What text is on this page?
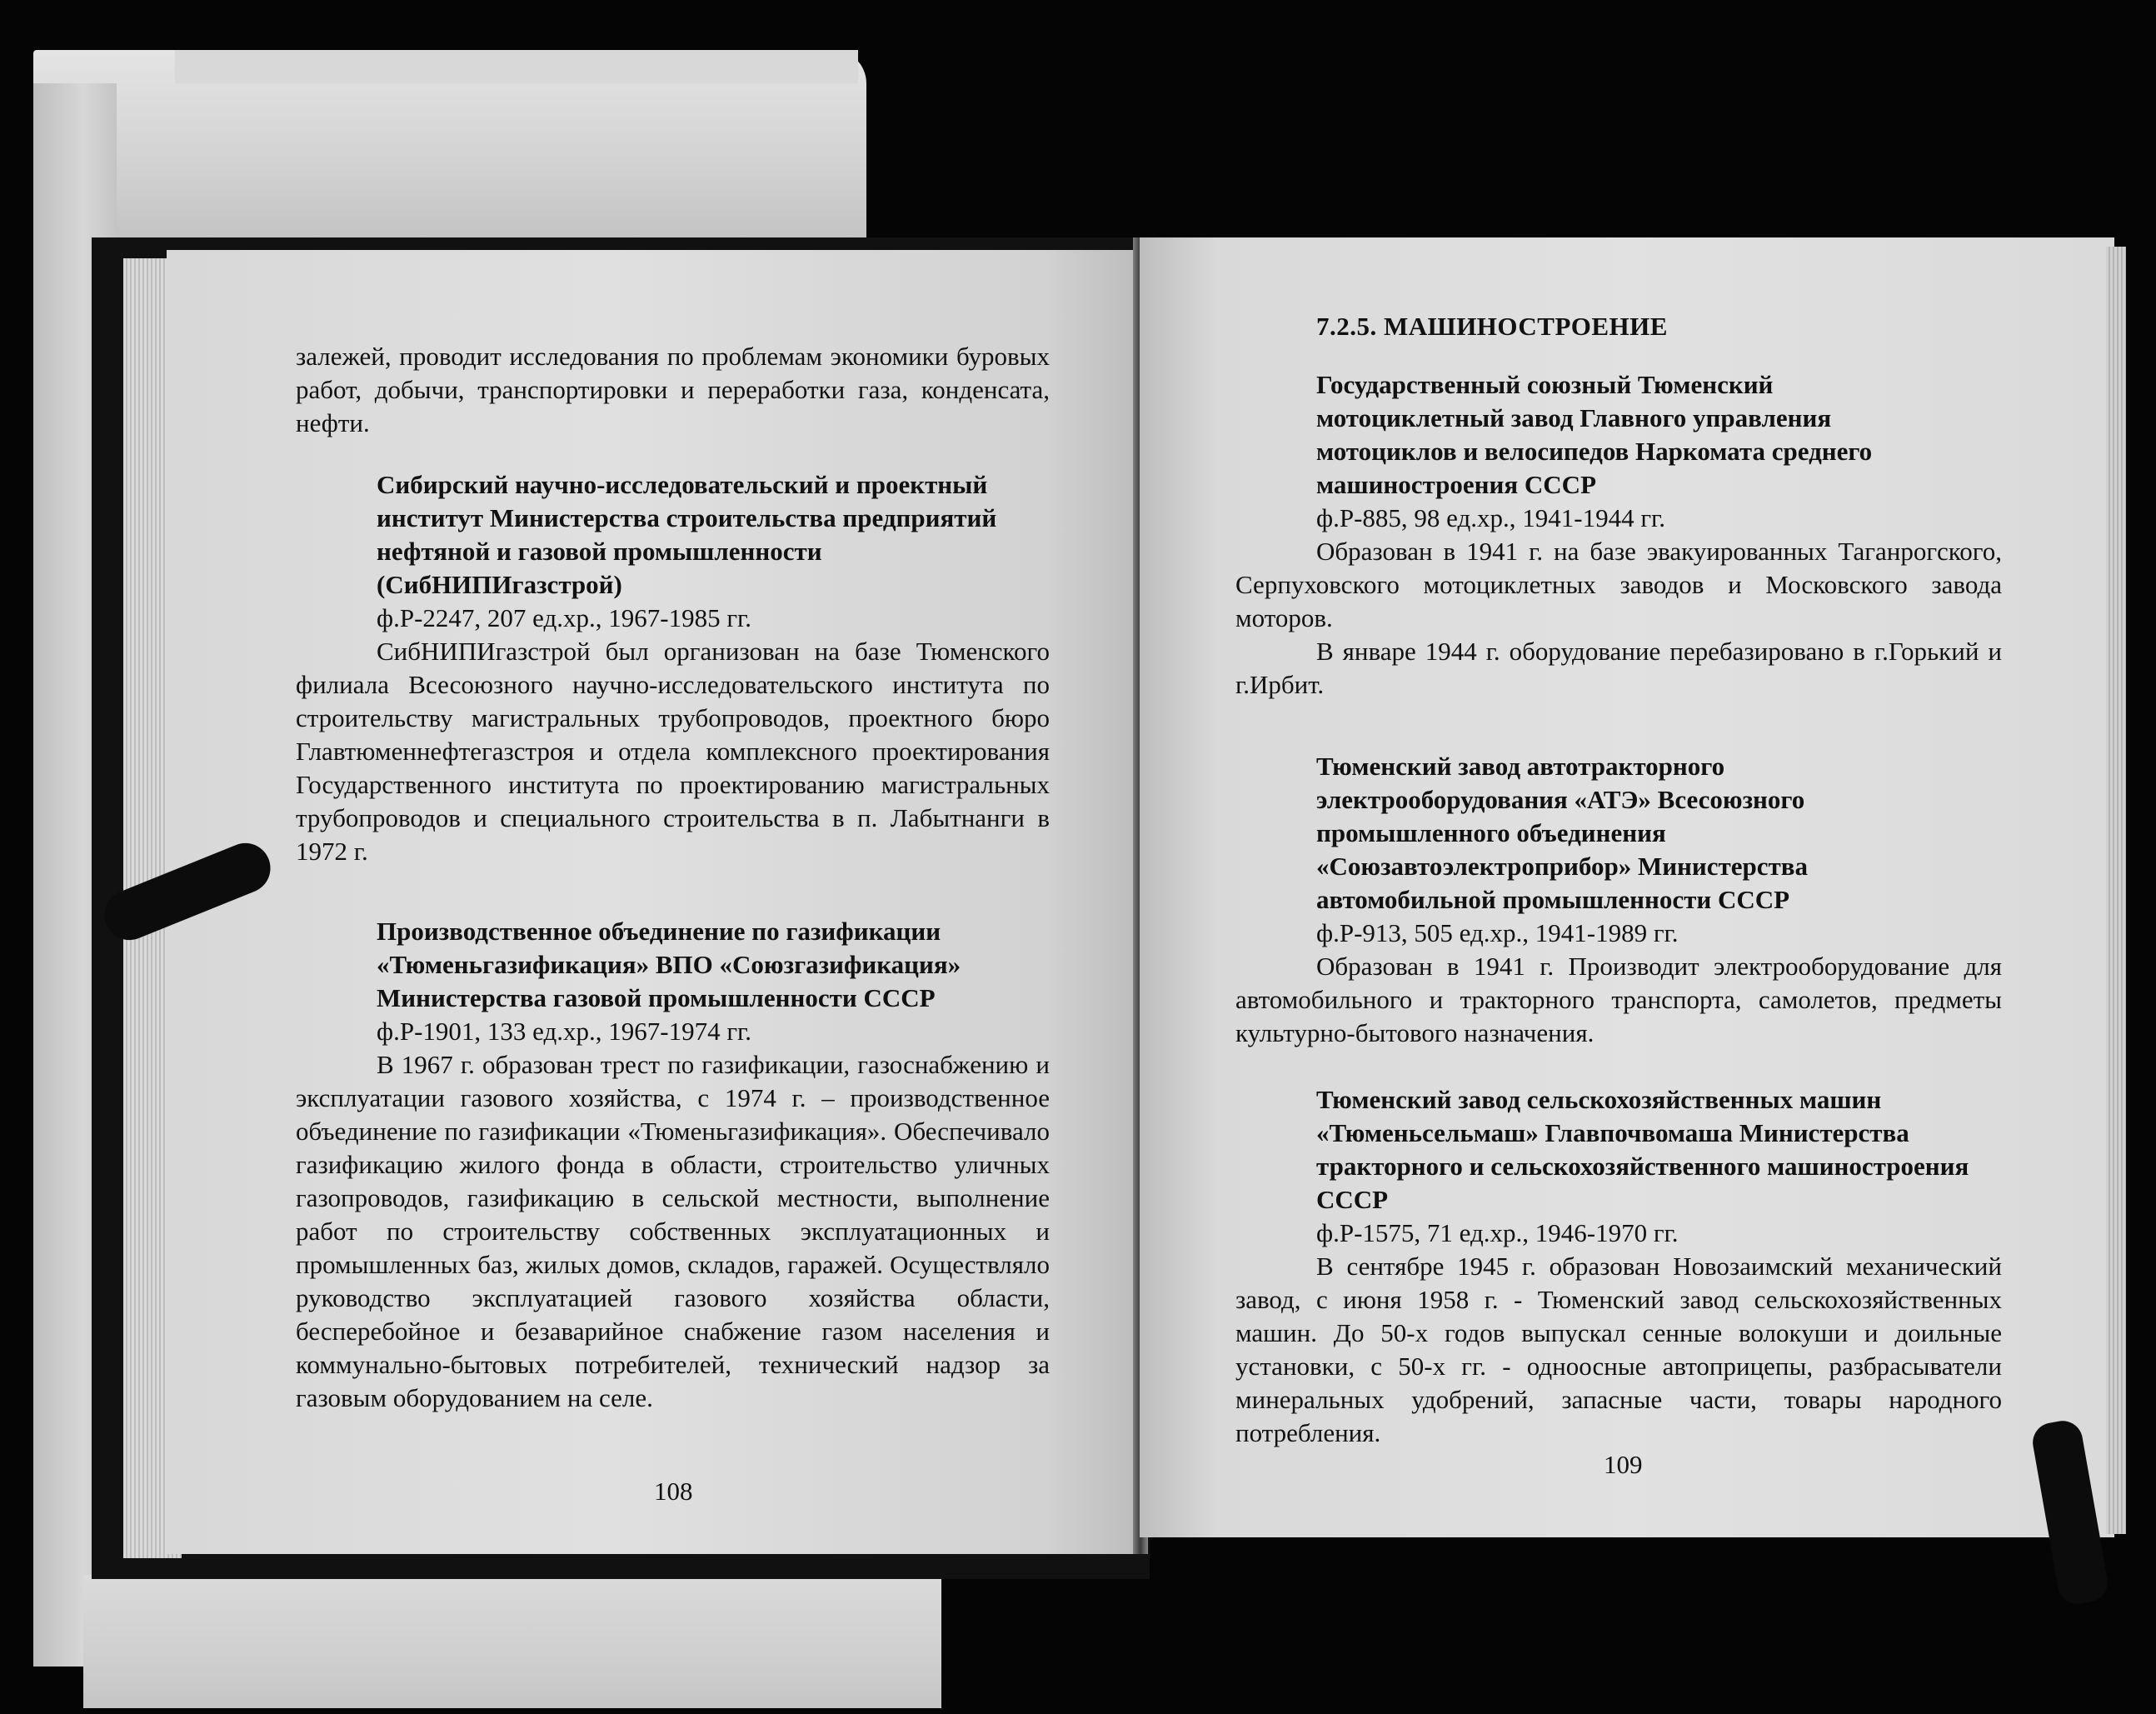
залежей, проводит исследования по проблемам экономики буровых работ, добычи, транспортировки и переработки газа, конденсата, нефти.

Сибирский научно-исследовательский и проектный институт Министерства строительства предприятий нефтяной и газовой промышленности (СибНИПИгазстрой)

ф.Р-2247, 207 ед.хр., 1967-1985 гг.

СибНИПИгазстрой был организован на базе Тюменского филиала Всесоюзного научно-исследовательского института по строительству магистральных трубопроводов, проектного бюро Главтюменнефтегазстроя и отдела комплексного проектирования Государственного института по проектированию магистральных трубопроводов и специального строительства в п. Лабытнанги в 1972 г.

Производственное объединение по газификации «Тюменьгазификация» ВПО «Союзгазификация» Министерства газовой промышленности СССР

ф.Р-1901, 133 ед.хр., 1967-1974 гг.

В 1967 г. образован трест по газификации, газоснабжению и эксплуатации газового хозяйства, с 1974 г. – производственное объединение по газификации «Тюменьгазификация». Обеспечивало газификацию жилого фонда в области, строительство уличных газопроводов, газификацию в сельской местности, выполнение работ по строительству собственных эксплуатационных и промышленных баз, жилых домов, складов, гаражей. Осуществляло руководство эксплуатацией газового хозяйства области, бесперебойное и безаварийное снабжение газом населения и коммунально-бытовых потребителей, технический надзор за газовым оборудованием на селе.

108

7.2.5. МАШИНОСТРОЕНИЕ

Государственный союзный Тюменский мотоциклетный завод Главного управления мотоциклов и велосипедов Наркомата среднего машиностроения СССР

ф.Р-885, 98 ед.хр., 1941-1944 гг.

Образован в 1941 г. на базе эвакуированных Таганрогского, Серпуховского мотоциклетных заводов и Московского завода моторов.

В январе 1944 г. оборудование перебазировано в г.Горький и г.Ирбит.

Тюменский завод автотракторного электрооборудования «АТЭ» Всесоюзного промышленного объединения «Союзавтоэлектроприбор» Министерства автомобильной промышленности СССР

ф.Р-913, 505 ед.хр., 1941-1989 гг.

Образован в 1941 г. Производит электрооборудование для автомобильного и тракторного транспорта, самолетов, предметы культурно-бытового назначения.

Тюменский завод сельскохозяйственных машин «Тюменьсельмаш» Главпочвомаша Министерства тракторного и сельскохозяйственного машиностроения СССР

ф.Р-1575, 71 ед.хр., 1946-1970 гг.

В сентябре 1945 г. образован Новозаимский механический завод, с июня 1958 г. - Тюменский завод сельскохозяйственных машин. До 50-х годов выпускал сенные волокуши и доильные установки, с 50-х гг. - одноосные автоприцепы, разбрасыватели минеральных удобрений, запасные части, товары народного потребления.

109
